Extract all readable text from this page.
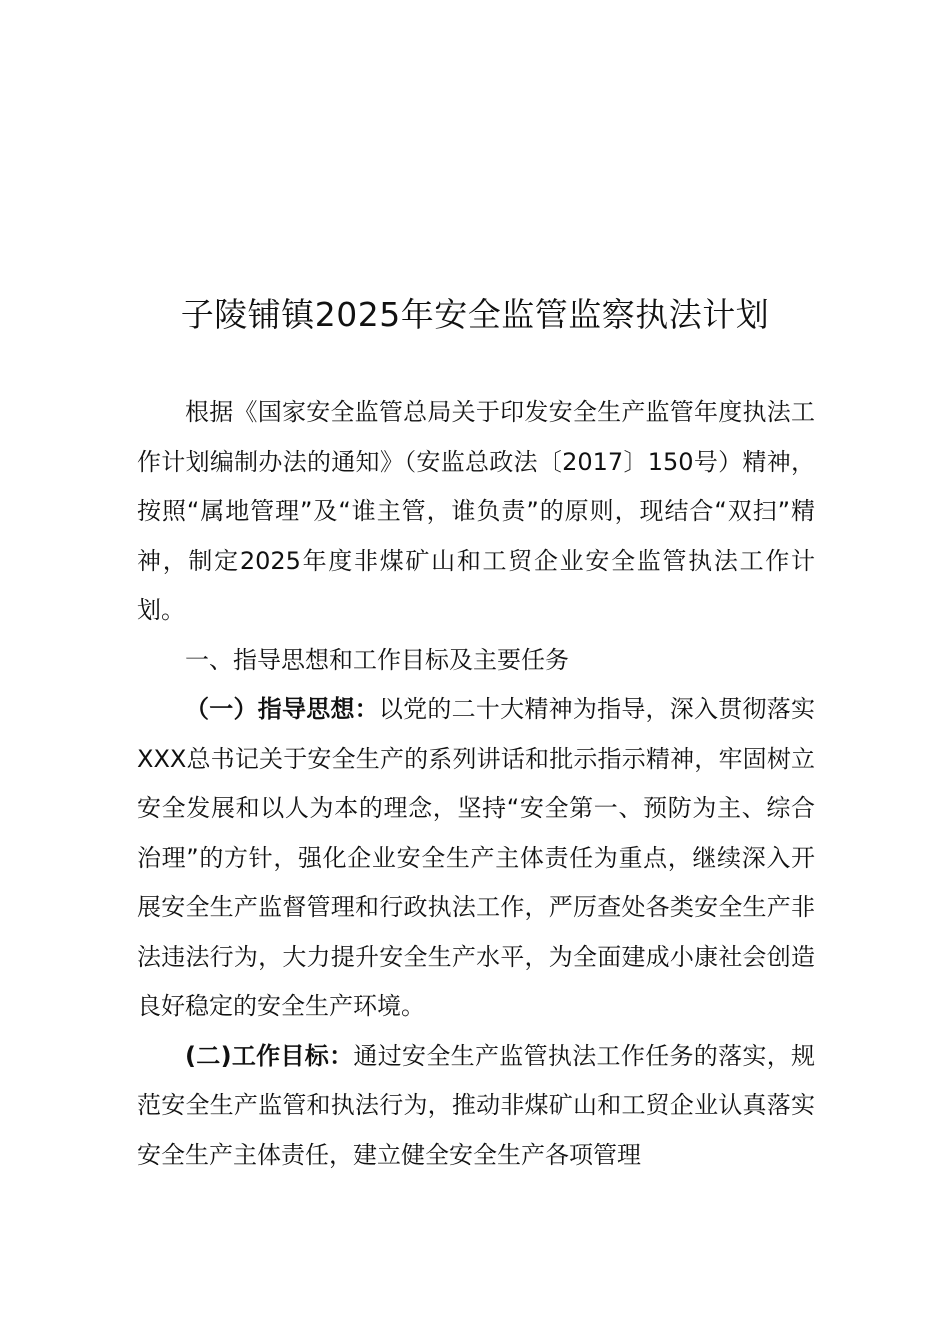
子陵铺镇2025年安全监管监察执法计划

根据《国家安全监管总局关于印发安全生产监管年度执法工作计划编制办法的通知》（安监总政法〔2017〕150号）精神，按照“属地管理”及“谁主管，谁负责”的原则，现结合“双扫”精神，制定2025年度非煤矿山和工贸企业安全监管执法工作计划。

一、指导思想和工作目标及主要任务

（一）指导思想：以党的二十大精神为指导，深入贯彻落实XXX总书记关于安全生产的系列讲话和批示指示精神，牢固树立安全发展和以人为本的理念，坚持“安全第一、预防为主、综合治理”的方针，强化企业安全生产主体责任为重点，继续深入开展安全生产监督管理和行政执法工作，严厉查处各类安全生产非法违法行为，大力提升安全生产水平，为全面建成小康社会创造良好稳定的安全生产环境。

(二)工作目标：通过安全生产监管执法工作任务的落实，规范安全生产监管和执法行为，推动非煤矿山和工贸企业认真落实安全生产主体责任，建立健全安全生产各项管理
